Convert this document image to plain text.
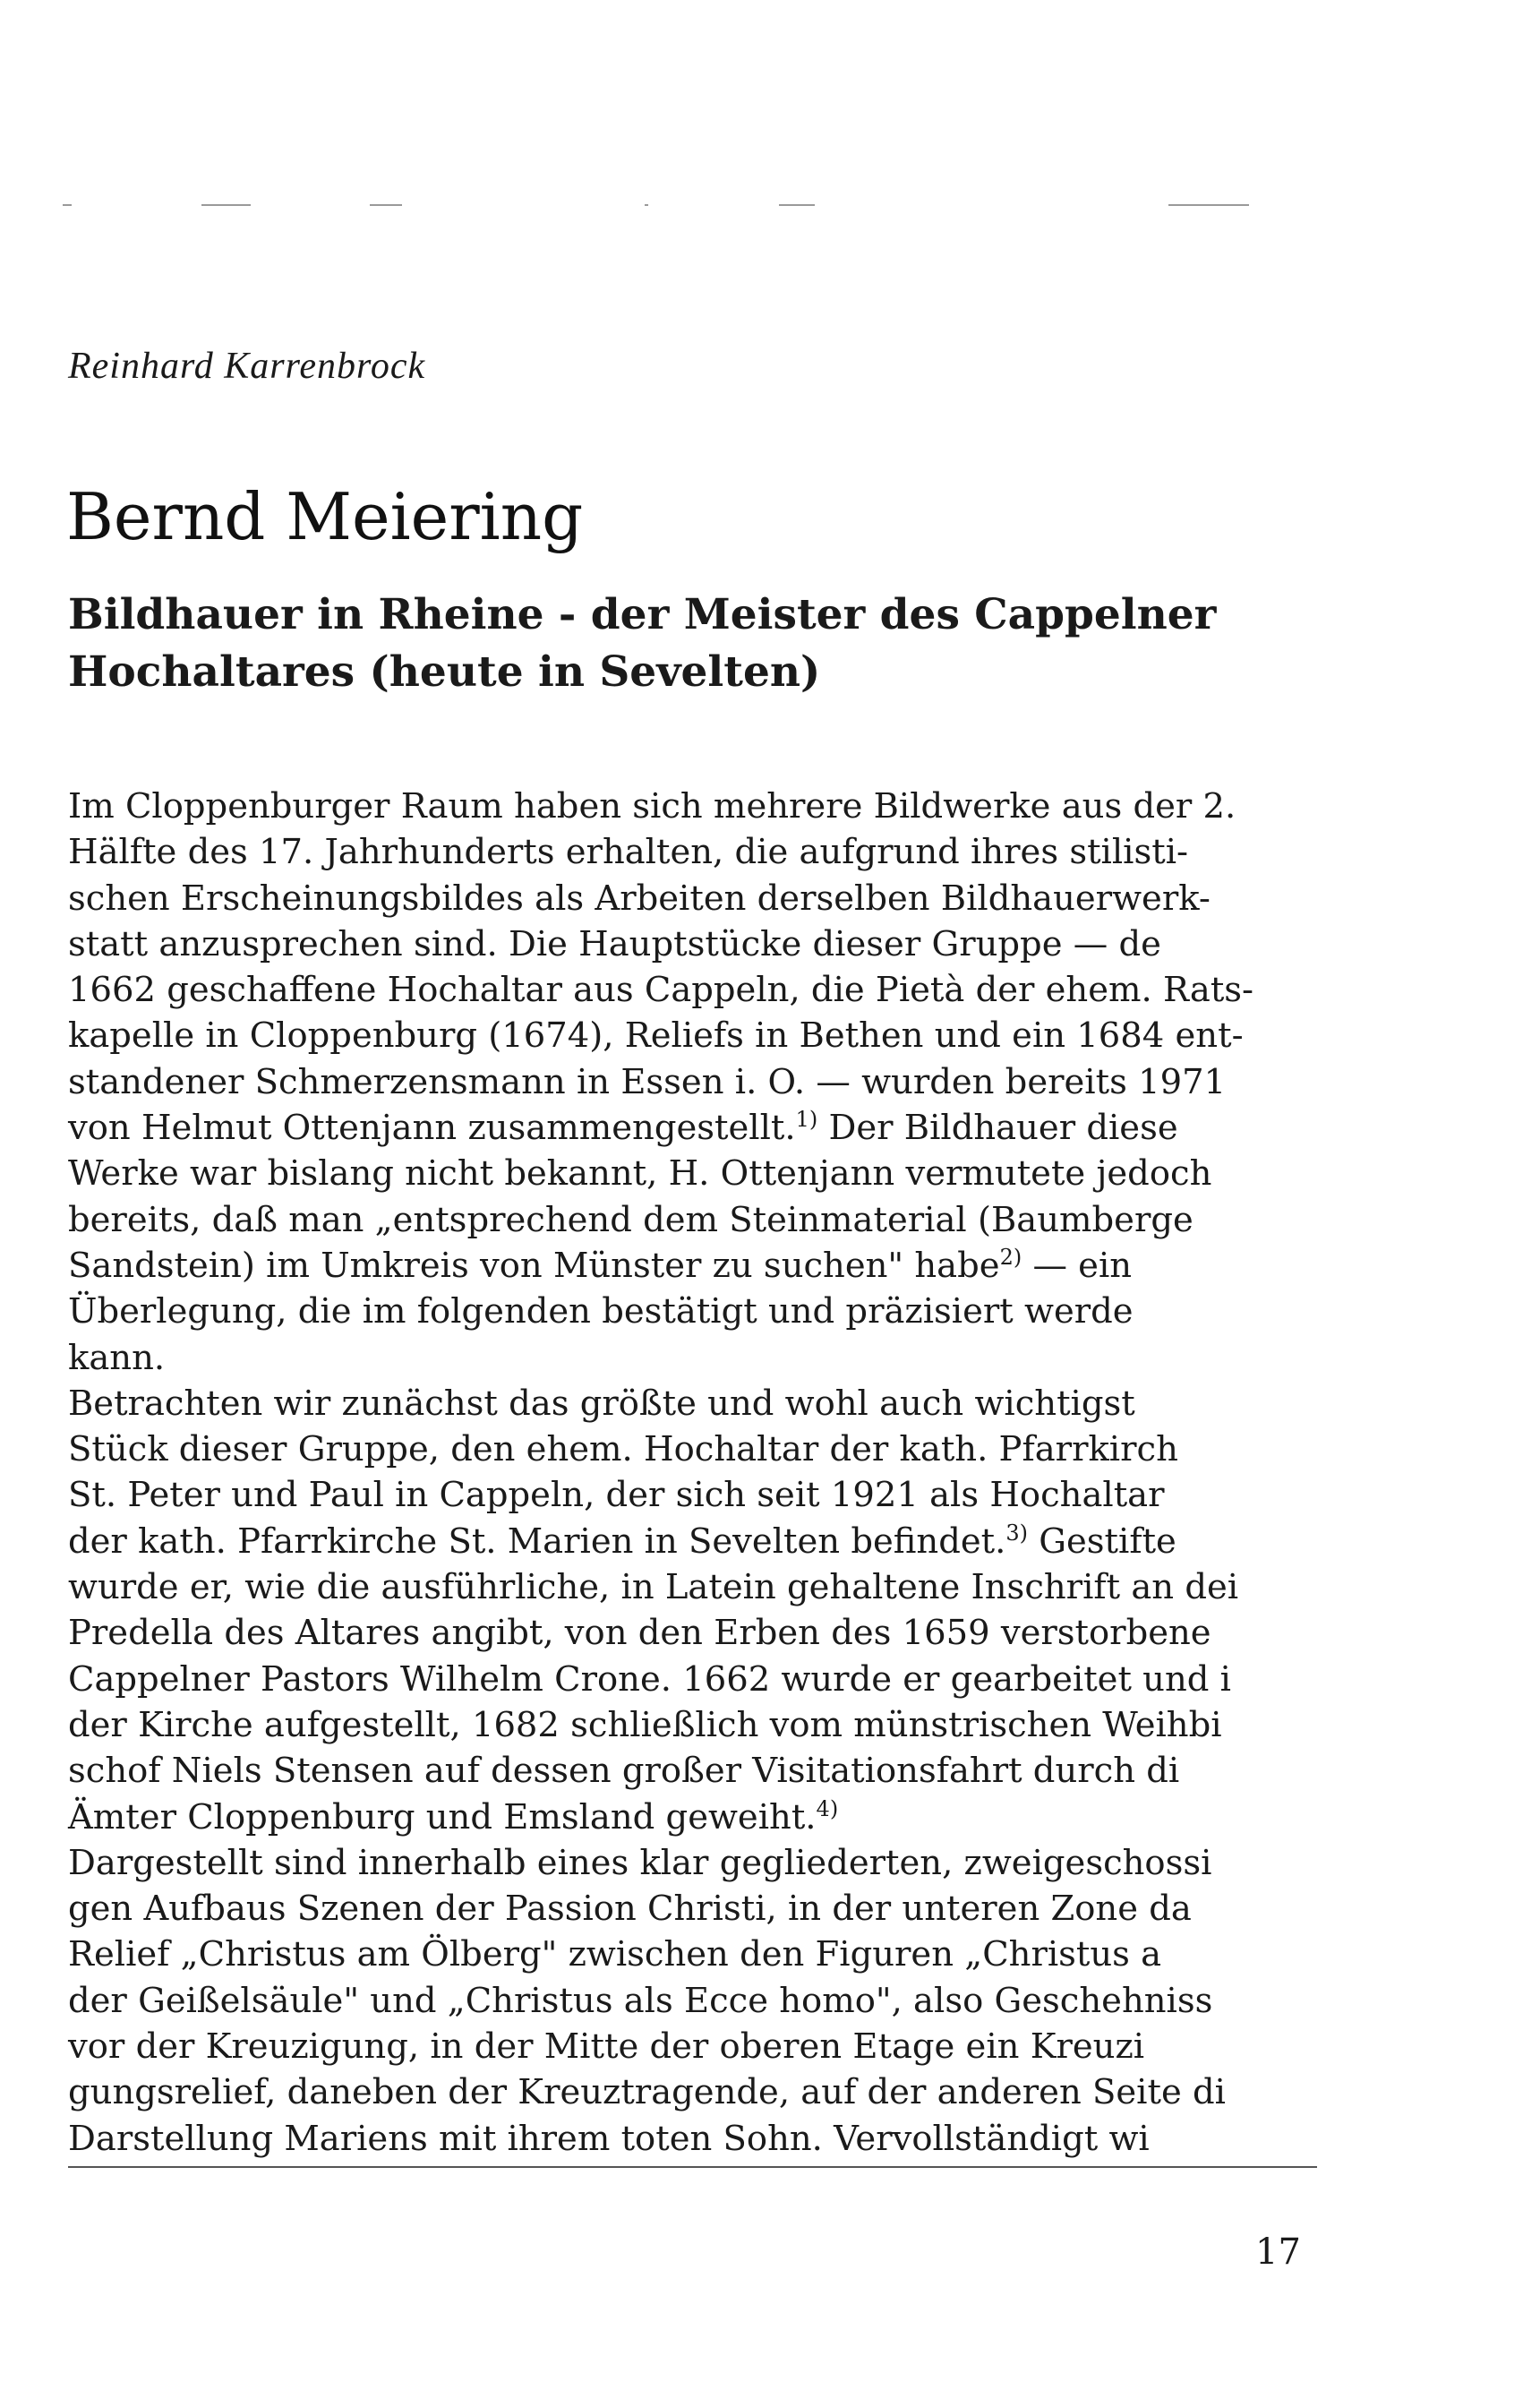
Reinhard Karrenbrock
Bernd Meiering
Bildhauer in Rheine - der Meister des Cappelner
Hochaltares (heute in Sevelten)
Im Cloppenburger Raum haben sich mehrere Bildwerke aus der 2.
Hälfte des 17. Jahrhunderts erhalten, die aufgrund ihres stilisti-
schen Erscheinungsbildes als Arbeiten derselben Bildhauerwerk-
statt anzusprechen sind. Die Hauptstücke dieser Gruppe — de
1662 geschaffene Hochaltar aus Cappeln, die Pietà der ehem. Rats-
kapelle in Cloppenburg (1674), Reliefs in Bethen und ein 1684 ent-
standener Schmerzensmann in Essen i. O. — wurden bereits 1971
von Helmut Ottenjann zusammengestellt.$^{1)}$ Der Bildhauer diese
Werke war bislang nicht bekannt, H. Ottenjann vermutete jedoch
bereits, daß man „entsprechend dem Steinmaterial (Baumberge
Sandstein) im Umkreis von Münster zu suchen" habe$^{2)}$ — ein
Überlegung, die im folgenden bestätigt und präzisiert werde
kann.
Betrachten wir zunächst das größte und wohl auch wichtigst
Stück dieser Gruppe, den ehem. Hochaltar der kath. Pfarrkirch
St. Peter und Paul in Cappeln, der sich seit 1921 als Hochaltar
der kath. Pfarrkirche St. Marien in Sevelten befindet.$^{3)}$ Gestifte
wurde er, wie die ausführliche, in Latein gehaltene Inschrift an dei
Predella des Altares angibt, von den Erben des 1659 verstorbene
Cappelner Pastors Wilhelm Crone. 1662 wurde er gearbeitet und i
der Kirche aufgestellt, 1682 schließlich vom münstrischen Weihbi
schof Niels Stensen auf dessen großer Visitationsfahrt durch di
Ämter Cloppenburg und Emsland geweiht.$^{4)}$
Dargestellt sind innerhalb eines klar gegliederten, zweigeschossi
gen Aufbaus Szenen der Passion Christi, in der unteren Zone da
Relief „Christus am Ölberg" zwischen den Figuren „Christus a
der Geißelsäule" und „Christus als Ecce homo", also Geschehniss
vor der Kreuzigung, in der Mitte der oberen Etage ein Kreuzi
gungsrelief, daneben der Kreuztragende, auf der anderen Seite di
Darstellung Mariens mit ihrem toten Sohn. Vervollständigt wi
17
